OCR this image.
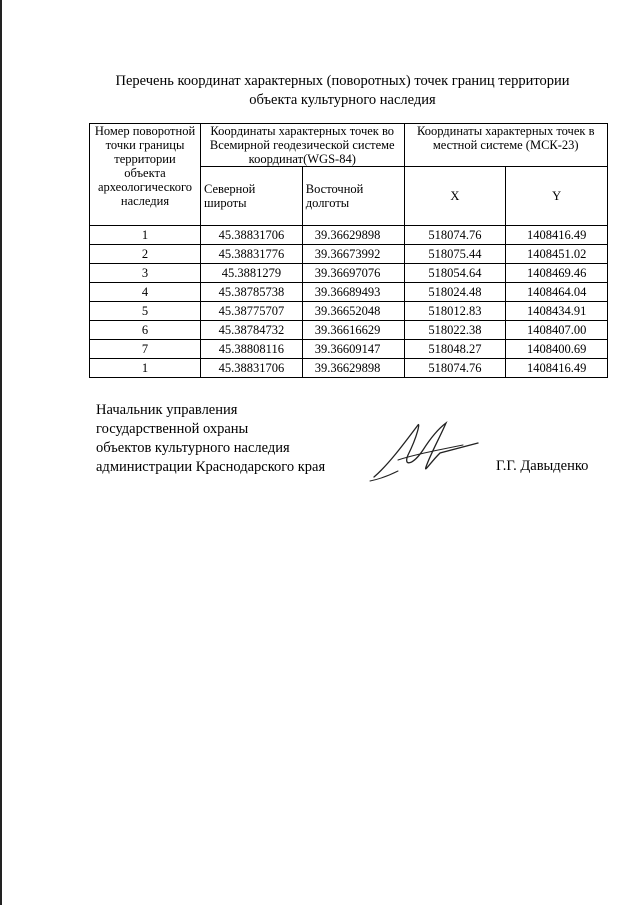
Перечень координат характерных (поворотных) точек границ территории
объекта культурного наследия
Номер поворотной точки границы территории объекта археологического наследия	Координаты характерных точек во Всемирной геодезической системе координат(WGS-84)		Координаты характерных точек в местной системе (МСК-23)	
	Северной широты	Восточной долготы	X	Y
1	45.38831706	39.36629898	518074.76	1408416.49
2	45.38831776	39.36673992	518075.44	1408451.02
3	45.3881279	39.36697076	518054.64	1408469.46
4	45.38785738	39.36689493	518024.48	1408464.04
5	45.38775707	39.36652048	518012.83	1408434.91
6	45.38784732	39.36616629	518022.38	1408407.00
7	45.38808116	39.36609147	518048.27	1408400.69
1	45.38831706	39.36629898	518074.76	1408416.49
Начальник управления
государственной охраны
объектов культурного наследия
администрации Краснодарского края	Г.Г. Давыденко
